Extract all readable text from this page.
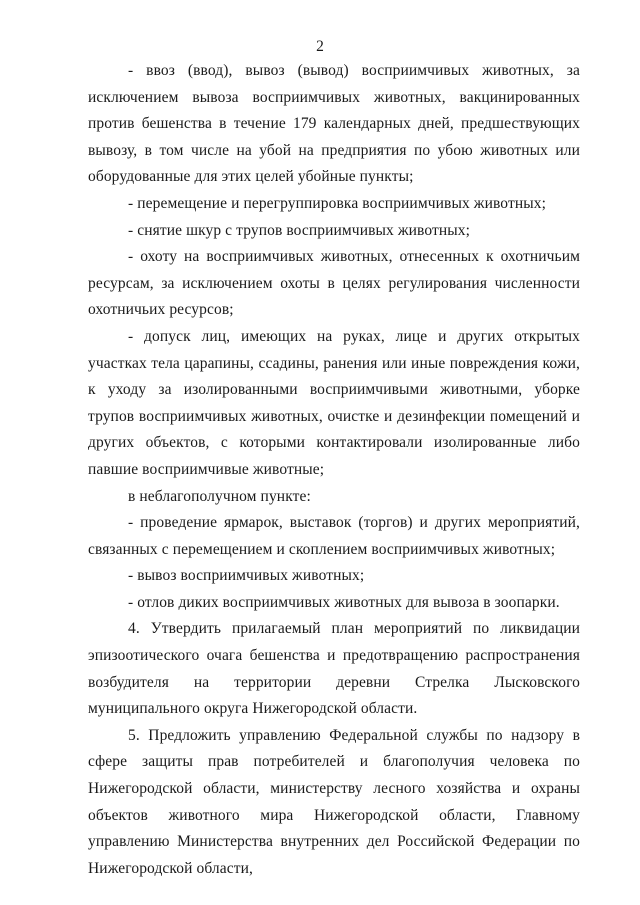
2

- ввоз (ввод), вывоз (вывод) восприимчивых животных, за исключением вывоза восприимчивых животных, вакцинированных против бешенства в течение 179 календарных дней, предшествующих вывозу, в том числе на убой на предприятия по убою животных или оборудованные для этих целей убойные пункты;

- перемещение и перегруппировка восприимчивых животных;

- снятие шкур с трупов восприимчивых животных;

- охоту на восприимчивых животных, отнесенных к охотничьим ресурсам, за исключением охоты в целях регулирования численности охотничьих ресурсов;

- допуск лиц, имеющих на руках, лице и других открытых участках тела царапины, ссадины, ранения или иные повреждения кожи, к уходу за изолированными восприимчивыми животными, уборке трупов восприимчивых животных, очистке и дезинфекции помещений и других объектов, с которыми контактировали изолированные либо павшие восприимчивые животные;

в неблагополучном пункте:

- проведение ярмарок, выставок (торгов) и других мероприятий, связанных с перемещением и скоплением восприимчивых животных;

- вывоз восприимчивых животных;

- отлов диких восприимчивых животных для вывоза в зоопарки.

4. Утвердить прилагаемый план мероприятий по ликвидации эпизоотического очага бешенства и предотвращению распространения возбудителя на территории деревни Стрелка Лысковского муниципального округа Нижегородской области.

5. Предложить управлению Федеральной службы по надзору в сфере защиты прав потребителей и благополучия человека по Нижегородской области, министерству лесного хозяйства и охраны объектов животного мира Нижегородской области, Главному управлению Министерства внутренних дел Российской Федерации по Нижегородской области,
